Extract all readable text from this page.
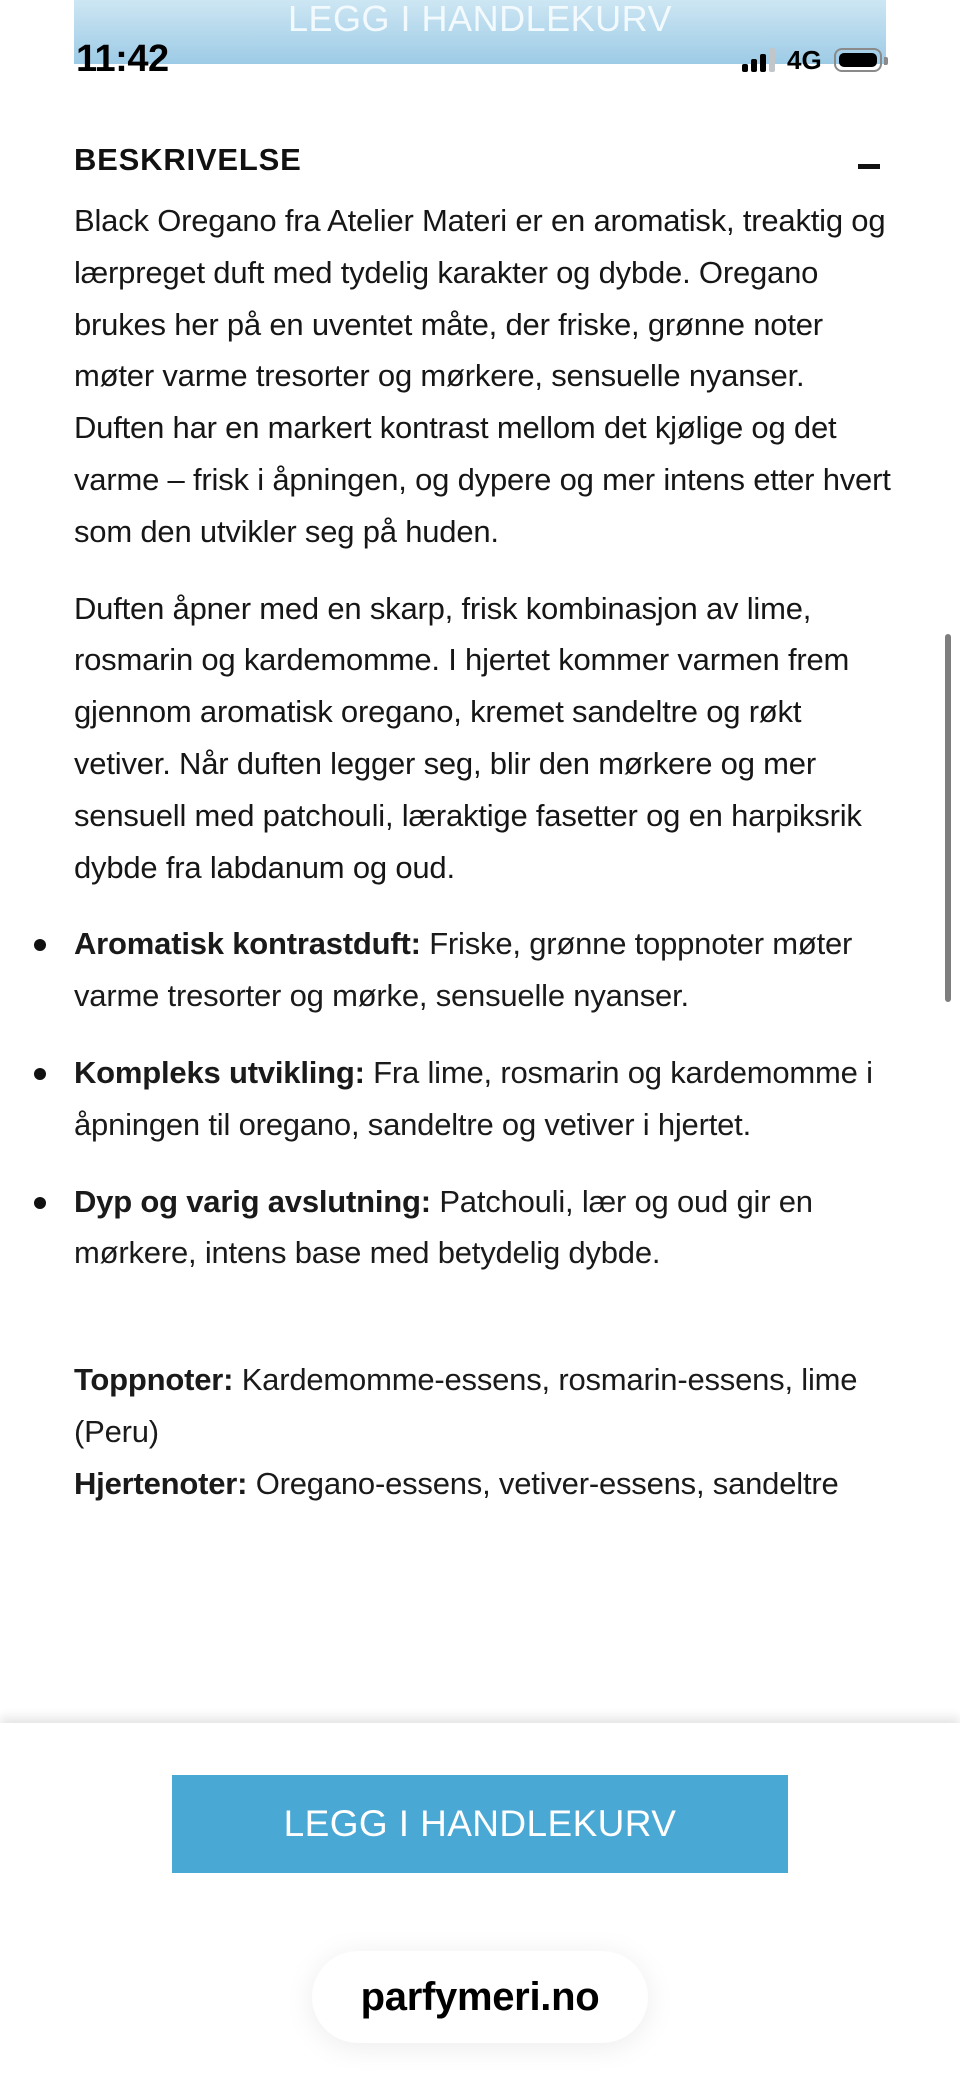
LEGG I HANDLEKURV
11:42	4G
BESKRIVELSE

Black Oregano fra Atelier Materi er en aromatisk, treaktig og lærpreget duft med tydelig karakter og dybde. Oregano brukes her på en uventet måte, der friske, grønne noter møter varme tresorter og mørkere, sensuelle nyanser. Duften har en markert kontrast mellom det kjølige og det varme – frisk i åpningen, og dypere og mer intens etter hvert som den utvikler seg på huden.

Duften åpner med en skarp, frisk kombinasjon av lime, rosmarin og kardemomme. I hjertet kommer varmen frem gjennom aromatisk oregano, kremet sandeltre og røkt vetiver. Når duften legger seg, blir den mørkere og mer sensuell med patchouli, læraktige fasetter og en harpiksrik dybde fra labdanum og oud.

Aromatisk kontrastduft: Friske, grønne toppnoter møter varme tresorter og mørke, sensuelle nyanser.
Kompleks utvikling: Fra lime, rosmarin og kardemomme i åpningen til oregano, sandeltre og vetiver i hjertet.
Dyp og varig avslutning: Patchouli, lær og oud gir en mørkere, intens base med betydelig dybde.
Toppnoter: Kardemomme-essens, rosmarin-essens, lime (Peru)
Hjertenoter: Oregano-essens, vetiver-essens, sandeltre
LEGG I HANDLEKURV
parfymeri.no
